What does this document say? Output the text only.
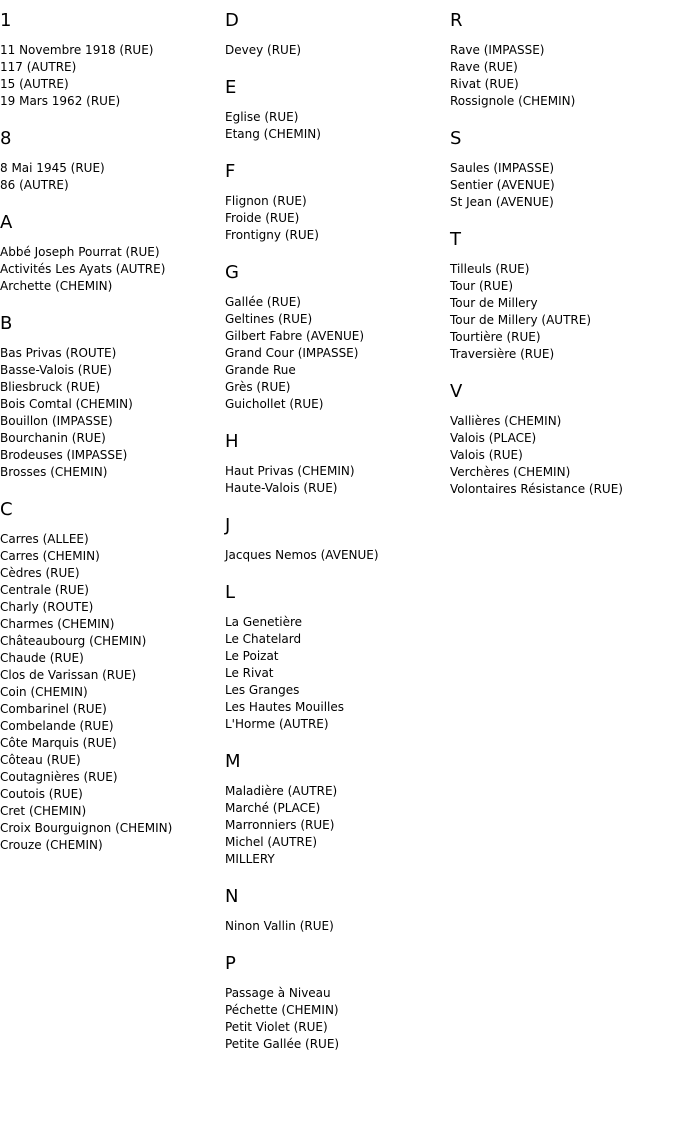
1
11 Novembre 1918 (RUE)
117 (AUTRE)
15 (AUTRE)
19 Mars 1962 (RUE)
8
8 Mai 1945 (RUE)
86 (AUTRE)
A
Abbé Joseph Pourrat (RUE)
Activités Les Ayats (AUTRE)
Archette (CHEMIN)
B
Bas Privas (ROUTE)
Basse-Valois (RUE)
Bliesbruck (RUE)
Bois Comtal (CHEMIN)
Bouillon (IMPASSE)
Bourchanin (RUE)
Brodeuses (IMPASSE)
Brosses (CHEMIN)
C
Carres (ALLEE)
Carres (CHEMIN)
Cèdres (RUE)
Centrale (RUE)
Charly (ROUTE)
Charmes (CHEMIN)
Châteaubourg (CHEMIN)
Chaude (RUE)
Clos de Varissan (RUE)
Coin (CHEMIN)
Combarinel (RUE)
Combelande (RUE)
Côte Marquis (RUE)
Côteau (RUE)
Coutagnières (RUE)
Coutois (RUE)
Cret (CHEMIN)
Croix Bourguignon (CHEMIN)
Crouze (CHEMIN)
D
Devey (RUE)
E
Eglise (RUE)
Etang (CHEMIN)
F
Flignon (RUE)
Froide (RUE)
Frontigny (RUE)
G
Gallée (RUE)
Geltines (RUE)
Gilbert Fabre (AVENUE)
Grand Cour (IMPASSE)
Grande Rue
Grès (RUE)
Guichollet (RUE)
H
Haut Privas (CHEMIN)
Haute-Valois (RUE)
J
Jacques Nemos (AVENUE)
L
La Genetière
Le Chatelard
Le Poizat
Le Rivat
Les Granges
Les Hautes Mouilles
L'Horme (AUTRE)
M
Maladière (AUTRE)
Marché (PLACE)
Marronniers (RUE)
Michel (AUTRE)
MILLERY
N
Ninon Vallin (RUE)
P
Passage à Niveau
Péchette (CHEMIN)
Petit Violet (RUE)
Petite Gallée (RUE)
R
Rave (IMPASSE)
Rave (RUE)
Rivat (RUE)
Rossignole (CHEMIN)
S
Saules (IMPASSE)
Sentier (AVENUE)
St Jean (AVENUE)
T
Tilleuls (RUE)
Tour (RUE)
Tour de Millery
Tour de Millery (AUTRE)
Tourtière (RUE)
Traversière (RUE)
V
Vallières (CHEMIN)
Valois (PLACE)
Valois (RUE)
Verchères (CHEMIN)
Volontaires Résistance (RUE)
